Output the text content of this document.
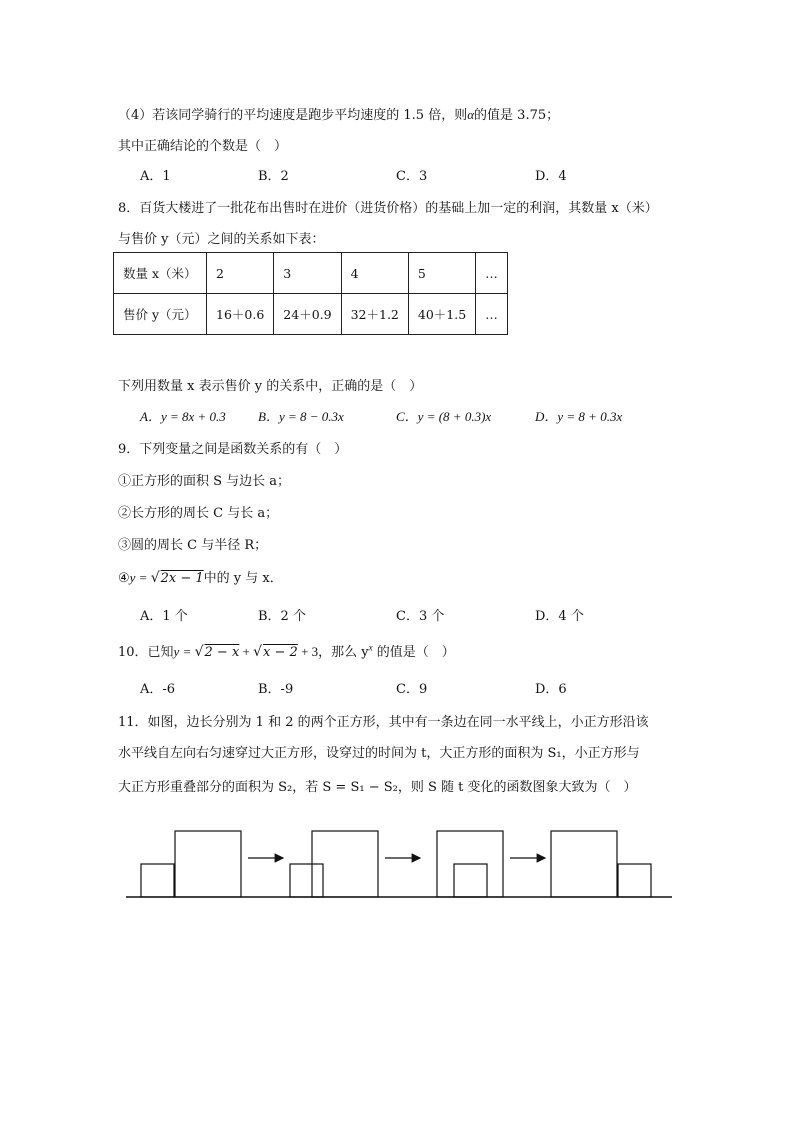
（4）若该同学骑行的平均速度是跑步平均速度的 1.5 倍，则α的值是 3.75；
其中正确结论的个数是（　）
A．1	B．2	C．3	D．4
8．百货大楼进了一批花布出售时在进价（进货价格）的基础上加一定的利润，其数量 x（米）
与售价 y（元）之间的关系如下表：
数量 x（米）	2	3	4	5	…
售价 y（元）	16＋0.6	24＋0.9	32＋1.2	40＋1.5	…
下列用数量 x 表示售价 y 的关系中，正确的是（　）
A．y = 8x + 0.3 B．y = 8 − 0.3x	C．y = (8 + 0.3)x	D．y = 8 + 0.3x
9．下列变量之间是函数关系的有（　）
①正方形的面积 S 与边长 a；
②长方形的周长 C 与长 a；
③圆的周长 C 与半径 R；
④y = √2x − 1中的 y 与 x．
A．1 个	B．2 个	C．3 个	D．4 个
10．已知y = √2 − x + √x − 2 + 3，那么 $y^x$ 的值是（　）
A．-6	B．-9	C．9	D．6
11．如图，边长分别为 1 和 2 的两个正方形，其中有一条边在同一水平线上，小正方形沿该
水平线自左向右匀速穿过大正方形，设穿过的时间为 t，大正方形的面积为 S₁，小正方形与
大正方形重叠部分的面积为 S₂，若 S = S₁ − S₂，则 S 随 t 变化的函数图象大致为（　）
